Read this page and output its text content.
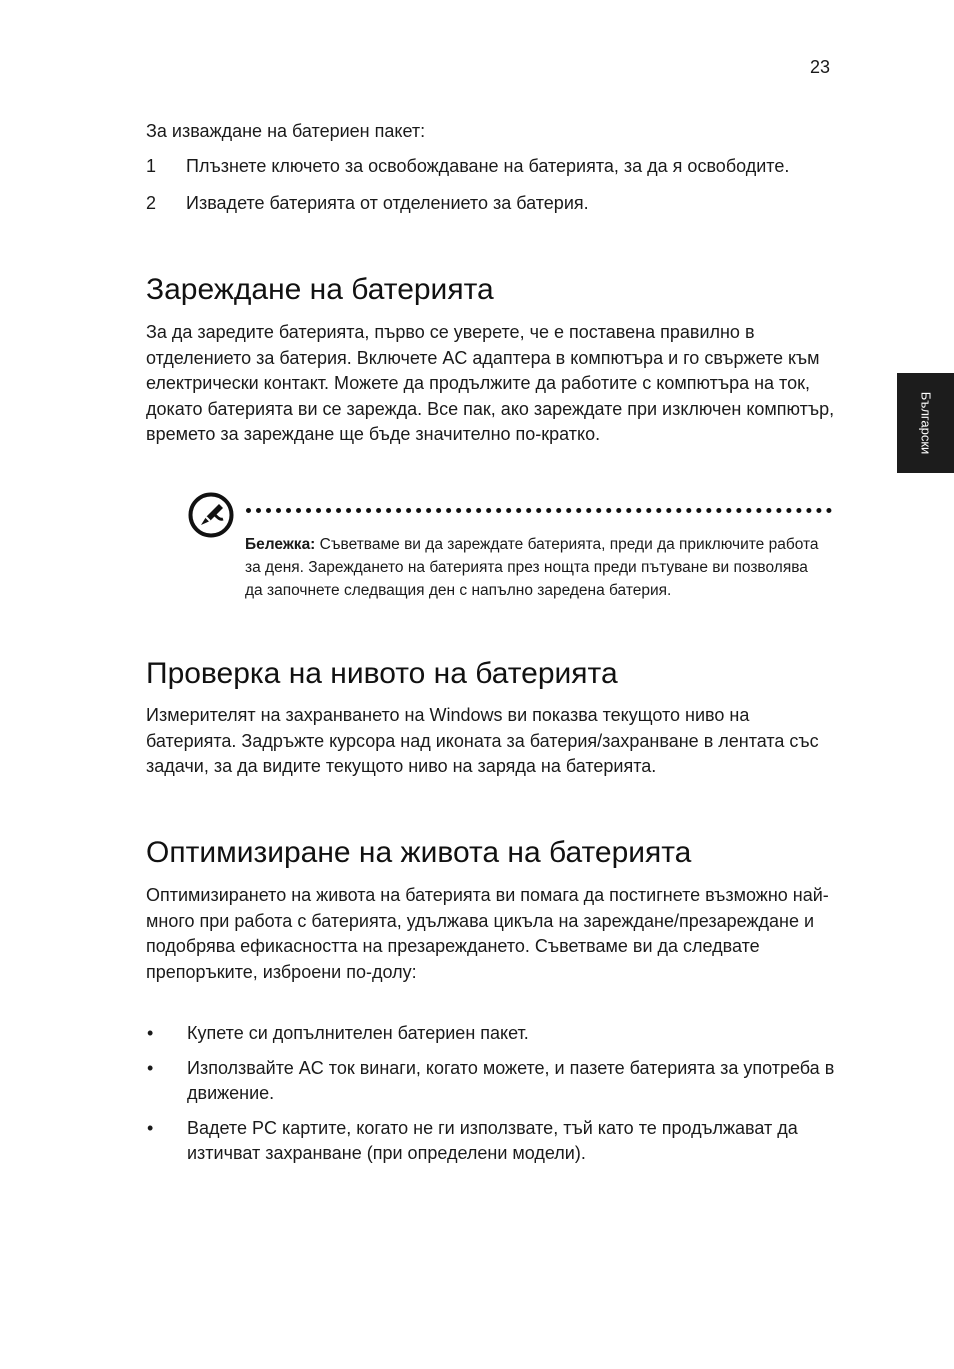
23
Български

За изваждане на батериен пакет:

1	Плъзнете ключето за освобождаване на батерията, за да я освободите.
2	Извадете батерията от отделението за батерия.
Зареждане на батерията

За да заредите батерията, първо се уверете, че е поставена правилно в отделението за батерия. Включете AC адаптера в компютъра и го свържете към електрически контакт. Можете да продължите да работите с компютъра на ток, докато батерията ви се зарежда. Все пак, ако зареждате при изключен компютър, времето за зареждане ще бъде значително по-кратко.

Бележка: Съветваме ви да зареждате батерията, преди да приключите работа за деня. Зареждането на батерията през нощта преди пътуване ви позволява да започнете следващия ден с напълно заредена батерия.
Проверка на нивото на батерията

Измерителят на захранването на Windows ви показва текущото ниво на батерията. Задръжте курсора над иконата за батерия/захранване в лентата със задачи, за да видите текущото ниво на заряда на батерията.

Оптимизиране на живота на батерията

Оптимизирането на живота на батерията ви помага да постигнете възможно най-много при работа с батерията, удължава цикъла на зареждане/презареждане и подобрява ефикасността на презареждането. Съветваме ви да следвате препоръките, изброени по-долу:

•	Купете си допълнителен батериен пакет.
•	Използвайте AC ток винаги, когато можете, и пазете батерията за употреба в движение.
•	Вадете PC картите, когато не ги използвате, тъй като те продължават да изтичват захранване (при определени модели).
